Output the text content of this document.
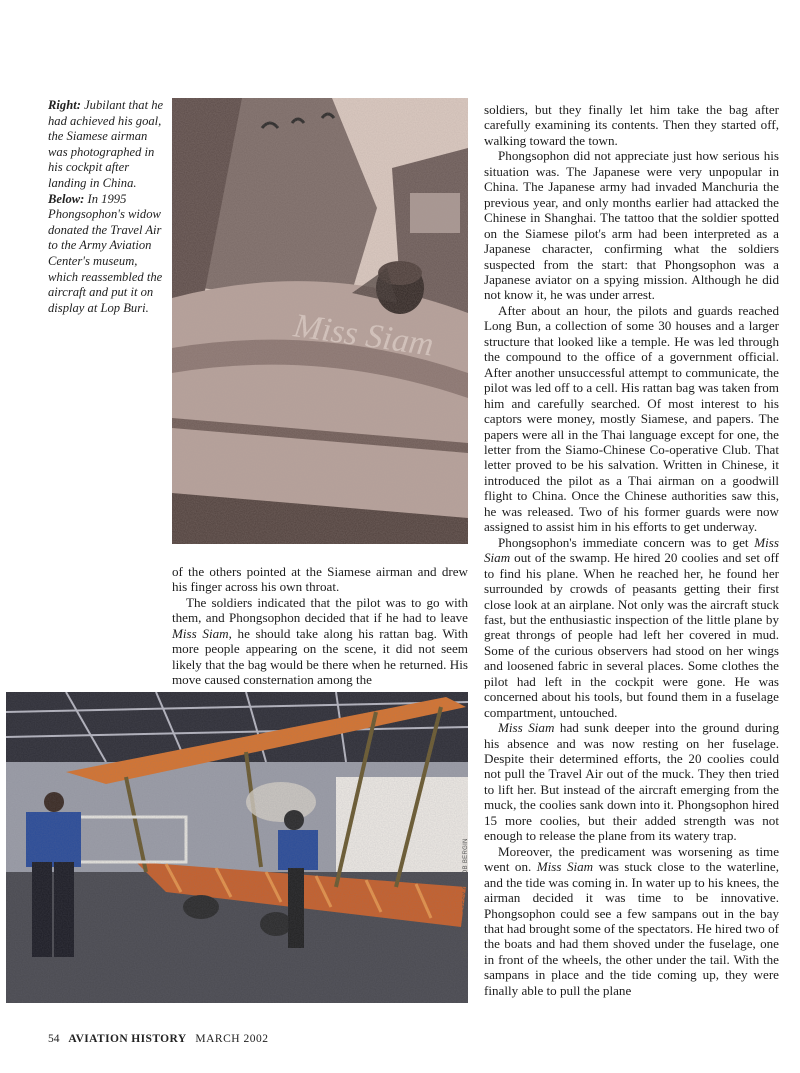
Right: Jubilant that he had achieved his goal, the Siamese airman was photographed in his cockpit after landing in China. Below: In 1995 Phongsophon's widow donated the Travel Air to the Army Aviation Center's museum, which reassembled the aircraft and put it on display at Lop Buri.

of the others pointed at the Siamese airman and drew his finger across his own throat.

The soldiers indicated that the pilot was to go with them, and Phongsophon decided that if he had to leave Miss Siam, he should take along his rattan bag. With more people appearing on the scene, it did not seem likely that the bag would be there when he returned. His move caused consternation among the

PHOTOS: COURTESY OF BOB BERGIN

soldiers, but they finally let him take the bag after carefully examining its contents. Then they started off, walking toward the town.

Phongsophon did not appreciate just how serious his situation was. The Japanese were very unpopular in China. The Japanese army had invaded Manchuria the previous year, and only months earlier had attacked the Chinese in Shanghai. The tattoo that the soldier spotted on the Siamese pilot's arm had been interpreted as a Japanese character, confirming what the soldiers suspected from the start: that Phongsophon was a Japanese aviator on a spying mission. Although he did not know it, he was under arrest.

After about an hour, the pilots and guards reached Long Bun, a collection of some 30 houses and a larger structure that looked like a temple. He was led through the compound to the office of a government official. After another unsuccessful attempt to communicate, the pilot was led off to a cell. His rattan bag was taken from him and carefully searched. Of most interest to his captors were money, mostly Siamese, and papers. The papers were all in the Thai language except for one, the letter from the Siamo-Chinese Co-operative Club. That letter proved to be his salvation. Written in Chinese, it introduced the pilot as a Thai airman on a goodwill flight to China. Once the Chinese authorities saw this, he was released. Two of his former guards were now assigned to assist him in his efforts to get underway.

Phongsophon's immediate concern was to get Miss Siam out of the swamp. He hired 20 coolies and set off to find his plane. When he reached her, he found her surrounded by crowds of peasants getting their first close look at an airplane. Not only was the aircraft stuck fast, but the enthusiastic inspection of the little plane by great throngs of people had left her covered in mud. Some of the curious observers had stood on her wings and loosened fabric in several places. Some clothes the pilot had left in the cockpit were gone. He was concerned about his tools, but found them in a fuselage compartment, untouched.

Miss Siam had sunk deeper into the ground during his absence and was now resting on her fuselage. Despite their determined efforts, the 20 coolies could not pull the Travel Air out of the muck. They then tried to lift her. But instead of the aircraft emerging from the muck, the coolies sank down into it. Phongsophon hired 15 more coolies, but their added strength was not enough to release the plane from its watery trap.

Moreover, the predicament was worsening as time went on. Miss Siam was stuck close to the waterline, and the tide was coming in. In water up to his knees, the airman decided it was time to be innovative. Phongsophon could see a few sampans out in the bay that had brought some of the spectators. He hired two of the boats and had them shoved under the fuselage, one in front of the wheels, the other under the tail. With the sampans in place and the tide coming up, they were finally able to pull the plane

54 AVIATION HISTORY MARCH 2002
